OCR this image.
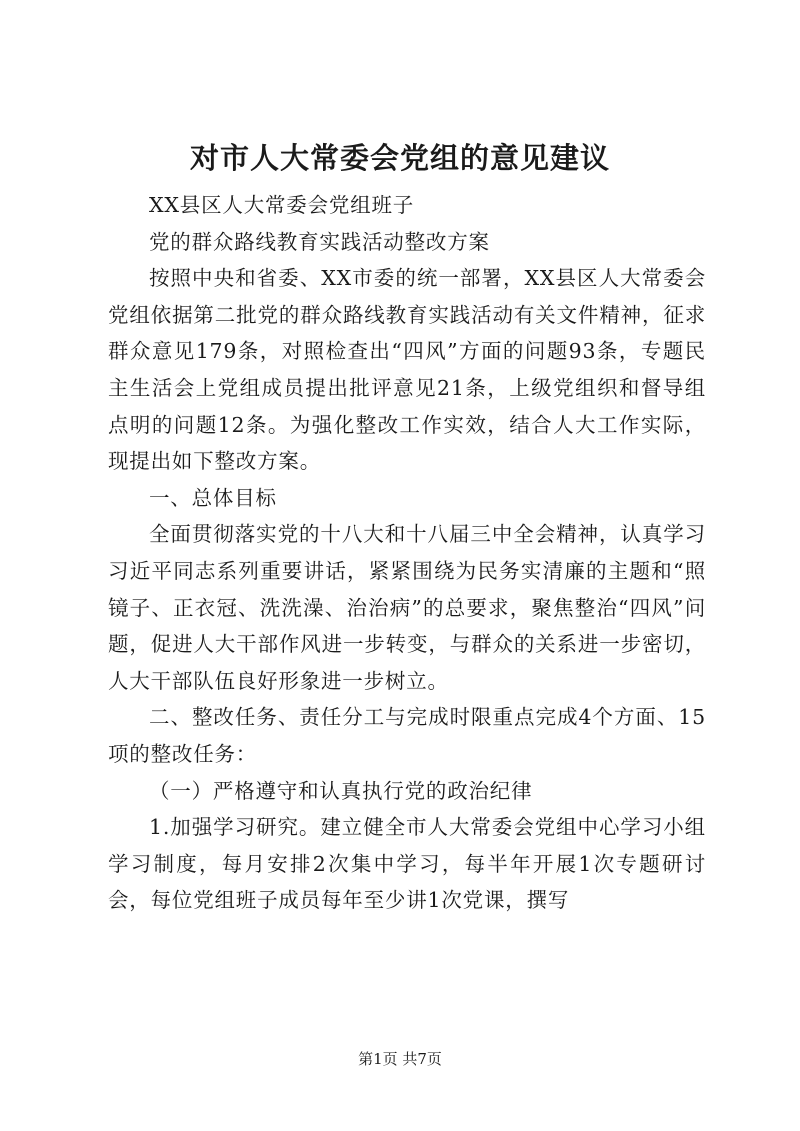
对市人大常委会党组的意见建议

XX县区人大常委会党组班子

党的群众路线教育实践活动整改方案

按照中央和省委、XX市委的统一部署，XX县区人大常委会党组依据第二批党的群众路线教育实践活动有关文件精神，征求群众意见179条，对照检查出“四风”方面的问题93条，专题民主生活会上党组成员提出批评意见21条，上级党组织和督导组点明的问题12条。为强化整改工作实效，结合人大工作实际，现提出如下整改方案。

一、总体目标

全面贯彻落实党的十八大和十八届三中全会精神，认真学习习近平同志系列重要讲话，紧紧围绕为民务实清廉的主题和“照镜子、正衣冠、洗洗澡、治治病”的总要求，聚焦整治“四风”问题，促进人大干部作风进一步转变，与群众的关系进一步密切，人大干部队伍良好形象进一步树立。

二、整改任务、责任分工与完成时限重点完成4个方面、15项的整改任务：

（一）严格遵守和认真执行党的政治纪律

1.加强学习研究。建立健全市人大常委会党组中心学习小组学习制度，每月安排2次集中学习，每半年开展1次专题研讨会，每位党组班子成员每年至少讲1次党课，撰写

第1页 共7页
